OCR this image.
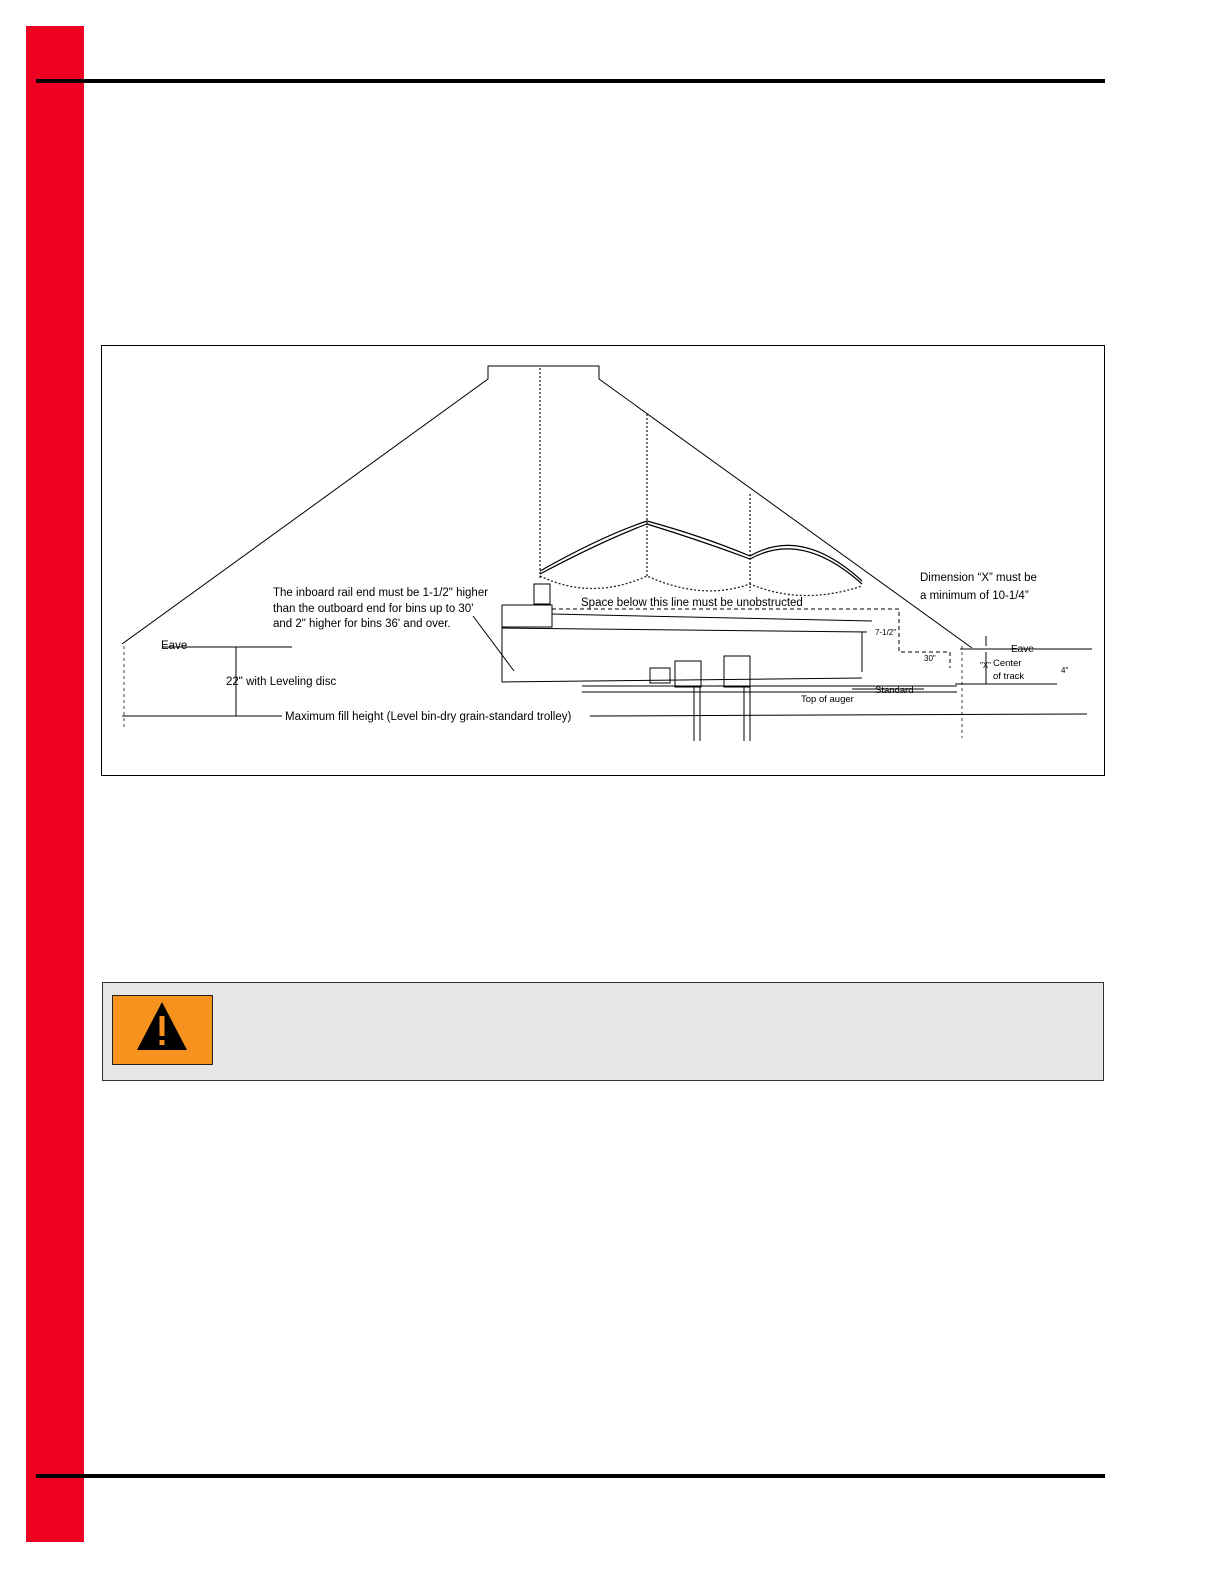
The inboard rail end must be 1-1/2" higher
than the outboard end for bins up to 30'
and 2" higher for bins 36' and over.
Space below this line must be unobstructed
Dimension “X” must be
a minimum of 10-1/4”
Eave	Eave
22" with Leveling disc
Maximum fill height (Level bin-dry grain-standard trolley)
7-1/2"
30"
"X" Center
of track
4"
Standard
Top of auger
